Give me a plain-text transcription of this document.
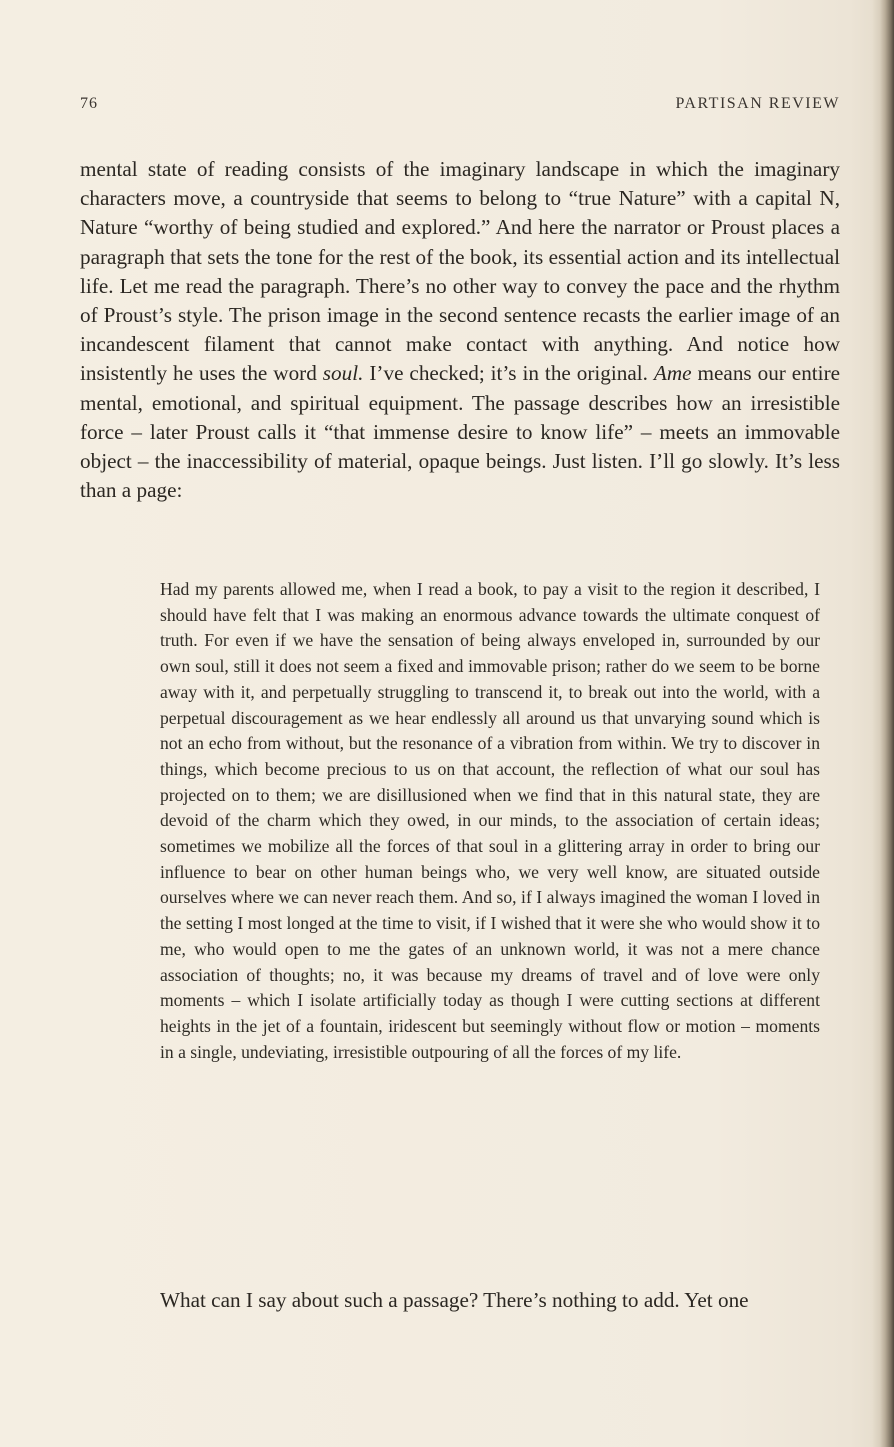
76	PARTISAN REVIEW

mental state of reading consists of the imaginary landscape in which the imaginary characters move, a countryside that seems to belong to “true Nature” with a capital N, Nature “worthy of being studied and explored.” And here the narrator or Proust places a paragraph that sets the tone for the rest of the book, its essential action and its intellectual life. Let me read the paragraph. There’s no other way to convey the pace and the rhythm of Proust’s style. The prison image in the second sentence recasts the earlier image of an incandescent filament that cannot make contact with anything. And notice how insistently he uses the word soul. I’ve checked; it’s in the original. Ame means our entire mental, emotional, and spiritual equipment. The passage describes how an irresistible force – later Proust calls it “that immense desire to know life” – meets an immovable object – the inaccessibility of material, opaque beings. Just listen. I’ll go slowly. It’s less than a page:

Had my parents allowed me, when I read a book, to pay a visit to the region it described, I should have felt that I was making an enormous advance towards the ultimate conquest of truth. For even if we have the sensation of being always enveloped in, surrounded by our own soul, still it does not seem a fixed and immovable prison; rather do we seem to be borne away with it, and perpetually struggling to transcend it, to break out into the world, with a perpetual discouragement as we hear endlessly all around us that unvarying sound which is not an echo from without, but the resonance of a vibration from within. We try to discover in things, which become precious to us on that account, the reflection of what our soul has projected on to them; we are disillusioned when we find that in this natural state, they are devoid of the charm which they owed, in our minds, to the association of certain ideas; sometimes we mobilize all the forces of that soul in a glittering array in order to bring our influence to bear on other human beings who, we very well know, are situated outside ourselves where we can never reach them. And so, if I always imagined the woman I loved in the setting I most longed at the time to visit, if I wished that it were she who would show it to me, who would open to me the gates of an unknown world, it was not a mere chance association of thoughts; no, it was because my dreams of travel and of love were only moments – which I isolate artificially today as though I were cutting sections at different heights in the jet of a fountain, iridescent but seemingly without flow or motion – moments in a single, undeviating, irresistible outpouring of all the forces of my life.

What can I say about such a passage? There’s nothing to add. Yet one
